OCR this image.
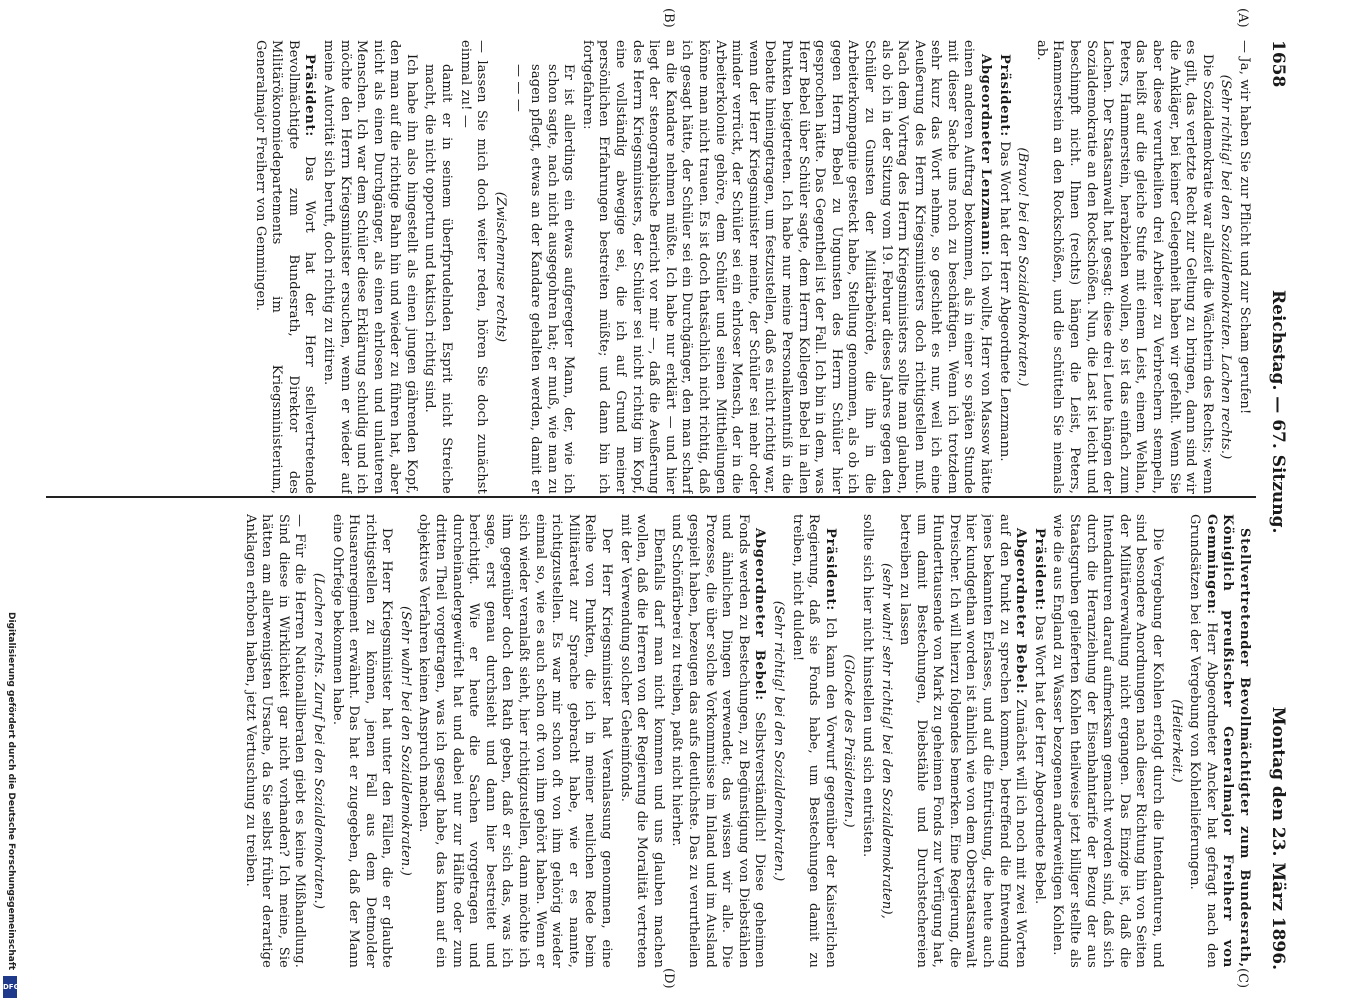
1658
Reichstag. — 67. Sitzung.
Montag den 23. März 1896.
(A)
(B)
(C)
(D)

— Ja, wir haben Sie zur Pflicht und zur Scham gerufen!

(Sehr richtig! bei den Sozialdemokraten. Lachen rechts.)

Die Sozialdemokratie war allzeit die Wächterin des Rechts; wenn es gilt, das verletzte Recht zur Geltung zu bringen, dann sind wir die Ankläger, bei keiner Gelegenheit haben wir gefehlt. Wenn Sie aber diese verurtheilten drei Arbeiter zu Verbrechern stempeln, das heißt auf die gleiche Stufe mit einem Leist, einem Wehlan, Peters, Hammerstein, herabziehen wollen, so ist das einfach zum Lachen. Der Staatsanwalt hat gesagt: diese drei Leute hängen der Sozialdemokratie an den Rockschößen. Nun, die Last ist leicht und beschimpft nicht. Ihnen (rechts) hängen die Leist, Peters, Hammerstein an den Rockschößen, und die schütteln Sie niemals ab.

(Bravo! bei den Sozialdemokraten.)

Präsident: Das Wort hat der Herr Abgeordnete Lenzmann.

Abgeordneter Lenzmann: Ich wollte, Herr von Massow hätte einen anderen Auftrag bekommen, als in einer so späten Stunde mit dieser Sache uns noch zu beschäftigen. Wenn ich trotzdem sehr kurz das Wort nehme, so geschieht es nur, weil ich eine Aeußerung des Herrn Kriegsministers doch richtigstellen muß. Nach dem Vortrag des Herrn Kriegsministers sollte man glauben, als ob ich in der Sitzung vom 19. Februar dieses Jahres gegen den Schüler zu Gunsten der Militärbehörde, die ihn in die Arbeiterkompagnie gesteckt habe, Stellung genommen, als ob ich gegen Herrn Bebel zu Ungunsten des Herrn Schüler hier gesprochen hätte. Das Gegentheil ist der Fall. Ich bin in dem, was Herr Bebel über Schüler sagte, dem Herrn Kollegen Bebel in allen Punkten beigetreten. Ich habe nur meine Personalkenntniß in die Debatte hineingetragen, um festzustellen, daß es nicht richtig war, wenn der Herr Kriegsminister meinte, der Schüler sei mehr oder minder verrückt, der Schüler sei ein ehrloser Mensch, der in die Arbeiterkolonie gehöre, dem Schüler und seinen Mittheilungen könne man nicht trauen. Es ist doch thatsächlich nicht richtig, daß ich gesagt hätte, der Schüler sei ein Durchgänger, den man scharf an die Kandare nehmen müßte. Ich habe nur erklärt — und hier liegt der stenographische Bericht vor mir —, daß die Aeußerung des Herrn Kriegsministers, der Schüler sei nicht richtig im Kopf, eine vollständig abwegige sei, die ich auf Grund meiner persönlichen Erfahrungen bestreiten müßte; und dann bin ich fortgefahren:

Er ist allerdings ein etwas aufgeregter Mann, der, wie ich schon sagte, nach nicht ausgegohren hat; er muß, wie man zu sagen pflegt, etwas an der Kandare gehalten werden, damit er — — —

(Zwischenruse rechts)

— lassen Sie mich doch weiter reden, hören Sie doch zunächst einmal zu! —

damit er in seinem überfprudelnden Esprit nicht Streiche macht, die nicht opportun und taktisch richtig sind.

Ich habe ihn also hingestellt als einen jungen gährenden Kopf, den man auf die richtige Bahn hin und wieder zu führen hat, aber nicht als einen Durchgänger, als einen ehrlosen und unlauteren Menschen. Ich war dem Schüler diese Erklärung schuldig und ich möchte den Herrn Kriegsminister ersuchen, wenn er wieder auf meine Autorität sich beruft, doch richtig zu zitiren.

Präsident: Das Wort hat der Herr stellvertretende Bevollmächtigte zum Bundesrath, Direktor des Militärökonomiedepartements im Kriegsministerium, Generalmajor Freiherr von Gemmingen.

Stellvertretender Bevollmächtigter zum Bundesrath, Königlich preußischer Generalmajor Freiherr von Gemmingen: Herr Abgeordneter Ancker hat gefragt nach den Grundsätzen bei der Vergebung von Kohlenlieferungen.

(Heiterkeit.)

Die Vergebung der Kohlen erfolgt durch die Intendanturen, und sind besondere Anordnungen nach dieser Richtung hin von Seiten der Militärverwaltung nicht ergangen. Das Einzige ist, daß die Intendanturen darauf aufmerksam gemacht worden sind, daß sich durch die Heranziehung der Eisenbahntarife der Bezug der aus Staatsgruben gelieferten Kohlen theilweise jetzt billiger stellte als wie die aus England zu Wasser bezogenen anderweitigen Kohlen.

Präsident: Das Wort hat der Herr Abgeordnete Bebel.

Abgeordneter Bebel: Zunächst will ich noch mit zwei Worten auf den Punkt zu sprechen kommen, betreffend die Entwendung jenes bekannten Erlasses, und auf die Entrüstung, die heute auch hier kundgethan worden ist ähnlich wie von dem Oberstaatsanwalt Dreischer. Ich will hierzu folgendes bemerken. Eine Regierung, die Hunderttausende von Mark zu geheimen Fonds zur Verfügung hat, um damit Bestechungen, Diebstähle und Durchstechereien betreiben zu lassen

(sehr wahr! sehr richtig! bei den Sozialdemokraten),

sollte sich hier nicht hinstellen und sich entrüsten.

(Glocke des Präsidenten.)

Präsident: Ich kann den Vorwurf gegenüber der Kaiserlichen Regierung, daß sie Fonds habe, um Bestechungen damit zu treiben, nicht dulden!

(Sehr richtig! bei den Sozialdemokraten.)

Abgeordneter Bebel: Selbstverständlich! Diese geheimen Fonds werden zu Bestechungen, zu Begünstigung von Diebstählen und ähnlichen Dingen verwendet; das wissen wir alle. Die Prozesse, die über solche Vorkommnisse im Inland und im Ausland gespielt haben, bezeugen das aufs deutlichste. Das zu verurtheilen und Schönfärberei zu treiben, paßt nicht hierher.

Ebenfalls darf man nicht kommen und uns glauben machen wollen, daß die Herren von der Regierung die Moralität vertreten mit der Verwendung solcher Geheimfonds.

Der Herr Kriegsminister hat Veranlassung genommen, eine Reihe von Punkten, die ich in meiner neulichen Rede beim Militäretat zur Sprache gebracht habe, wie er es nannte, richtigzustellen. Es war mir schon oft von ihm gehörig wieder einmal so, wie es auch schon oft von ihm gehört haben. Wenn er sich wieder veranlaßt sieht, hier richtigzustellen, dann möchte ich ihm gegenüber doch den Rath geben, daß er sich das, was ich sage, erst genau durchsieht und dann hier bestreitet und berichtigt. Wie er heute die Sachen vorgetragen und durcheinandergewürfelt hat und dabei nur zur Hälfte oder zum dritten Theil vorgetragen, was ich gesagt habe, das kann auf ein objektives Verfahren keinen Anspruch machen.

(Sehr wahr! bei den Sozialdemokraten.)

Der Herr Kriegsminister hat unter den Fällen, die er glaubte richtigstellen zu können, jenen Fall aus dem Detmolder Husarenregiment erwähnt. Das hat er zugegeben, daß der Mann eine Ohrfeige bekommen habe.

(Lachen rechts. Zuruf bei den Sozialdemokraten.)

— Für die Herren Nationalliberalen giebt es keine Mißhandlung. Sind diese in Wirklichkeit gar nicht vorhanden? Ich meine, Sie hätten am allerwenigsten Ursache, da Sie selbst früher derartige Anklagen erhoben haben, jetzt Vertuschung zu treiben.

Digitalisierung gefördert durch die Deutsche Forschungsgemeinschaft
DFG
